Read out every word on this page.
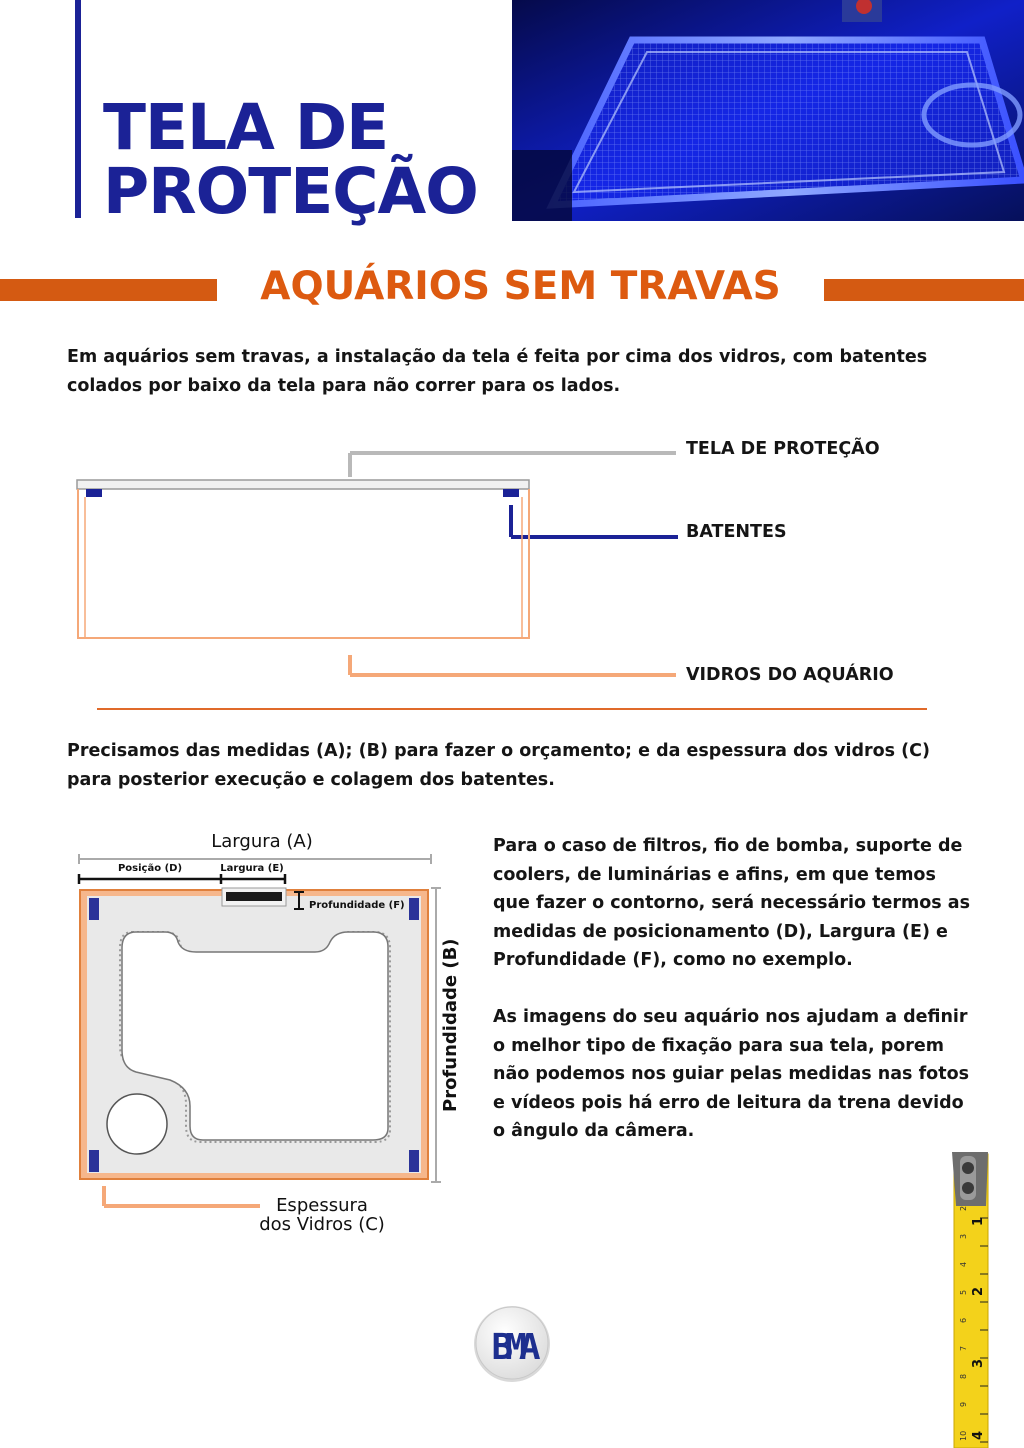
TELA DE
PROTEÇÃO
AQUÁRIOS SEM TRAVAS

Em aquários sem travas, a instalação da tela é feita por cima dos vidros, com batentes colados por baixo da tela para não correr para os lados.

TELA DE PROTEÇÃO
BATENTES
VIDROS DO AQUÁRIO

Precisamos das medidas (A); (B) para fazer o orçamento; e da espessura dos vidros (C) para posterior execução e colagem dos batentes.

Largura (A)
Posição (D)	Largura (E)
Profundidade (F)
Profundidade (B)
Espessura
dos Vidros (C)

Para o caso de filtros, fio de bomba, suporte de coolers, de luminárias e afins, em que temos que fazer o contorno, será necessário termos as medidas de posicionamento (D), Largura (E) e Profundidade (F), como no exemplo.

As imagens do seu aquário nos ajudam a definir o melhor tipo de fixação para sua tela, porem não podemos nos guiar pelas medidas nas fotos e vídeos pois há erro de leitura da trena devido o ângulo da câmera.

1
2
3
4
2
3
4
5
6
7
8
9
10
BMA
